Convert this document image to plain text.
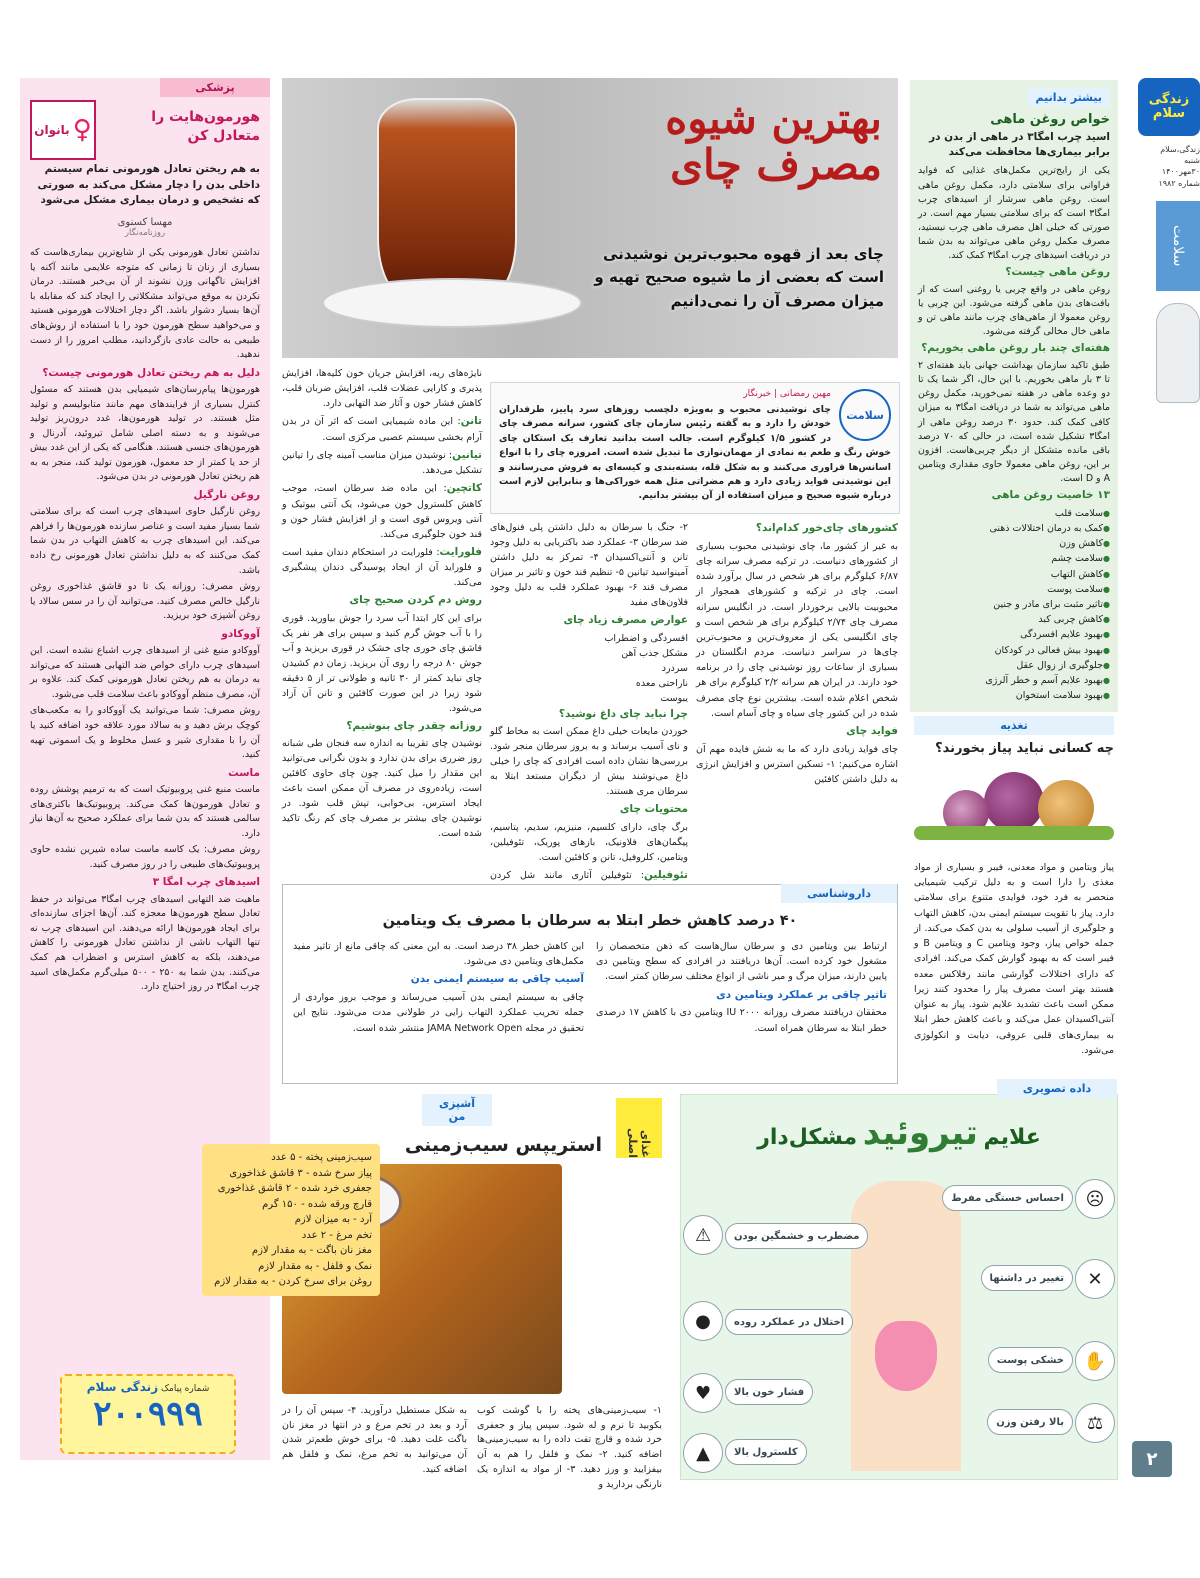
زندگی سلام
زندگی،سلام
شنبه
۳۰مهر۱۴۰۰
شماره ۱۹۸۲
سلامت
۲
بیشتر بدانیم
خواص روغن ماهی
اسید چرب امگا۳ در ماهی از بدن در برابر بیماری‌ها محافظت می‌کند

یکی از رایج‌ترین مکمل‌های غذایی که فواید فراوانی برای سلامتی دارد، مکمل روغن ماهی است. روغن ماهی سرشار از اسیدهای چرب امگا۳ است که برای سلامتی بسیار مهم است. در صورتی که خیلی اهل مصرف ماهی چرب نیستید، مصرف مکمل روغن ماهی می‌تواند به بدن شما در دریافت اسیدهای چرب امگا۳ کمک کند.

روغن ماهی چیست؟

روغن ماهی در واقع چربی یا روغنی است که از بافت‌های بدن ماهی گرفته می‌شود. این چربی یا روغن معمولا از ماهی‌های چرب مانند ماهی تن و ماهی خال مخالی گرفته می‌شود.

هفته‌ای چند بار روغن ماهی بخوریم؟

طبق تاکید سازمان بهداشت جهانی باید هفته‌ای ۲ تا ۳ بار ماهی بخوریم. با این حال، اگر شما یک تا دو وعده ماهی در هفته نمی‌خورید، مکمل روغن ماهی می‌تواند به شما در دریافت امگا۳ به میزان کافی کمک کند. حدود ۳۰ درصد روغن ماهی از امگا۳ تشکیل شده است، در حالی که ۷۰ درصد باقی مانده متشکل از دیگر چربی‌هاست. افزون بر این، روغن ماهی معمولا حاوی مقداری ویتامین A و D است.

۱۳ خاصیت روغن ماهی

● سلامت قلب
● کمک به درمان اختلالات ذهنی
● کاهش وزن
● سلامت چشم
● کاهش التهاب
● سلامت پوست
● تاثیر مثبت برای مادر و جنین
● کاهش چربی کبد
● بهبود علایم افسردگی
● بهبود بیش فعالی در کودکان
● جلوگیری از زوال عقل
● بهبود علایم آسم و خطر آلرژی
● بهبود سلامت استخوان
تغذیه
چه کسانی نباید پیاز بخورند؟
پیاز ویتامین و مواد معدنی، فیبر و بسیاری از مواد مغذی را دارا است و به دلیل ترکیب شیمیایی منحصر به فرد خود، فوایدی متنوع برای سلامتی دارد. پیاز با تقویت سیستم ایمنی بدن، کاهش التهاب و جلوگیری از آسیب سلولی به بدن کمک می‌کند. از جمله خواص پیاز، وجود ویتامین C و ویتامین B و فیبر است که به بهبود گوارش کمک می‌کند. افرادی که دارای اختلالات گوارشی مانند رفلاکس معده هستند بهتر است مصرف پیاز را محدود کنند زیرا ممکن است باعث تشدید علایم شود. پیاز به عنوان آنتی‌اکسیدان عمل می‌کند و باعث کاهش خطر ابتلا به بیماری‌های قلبی عروقی، دیابت و انکولوژی می‌شود.
بهترین شیوه
مصرف چای
چای بعد از قهوه محبوب‌ترین نوشیدنی است که بعضی از ما شیوه صحیح تهیه و میزان مصرف آن را نمی‌دانیم
سلامت
مهین رمضانی | خبرنگار
چای نوشیدنی محبوب و به‌ویژه دلچسب روزهای سرد پاییز، طرفداران خودش را دارد و به گفته رئیس سازمان چای کشور، سرانه مصرف چای در کشور ۱/۵ کیلوگرم است. جالب است بدانید تعارف یک استکان چای خوش رنگ و طعم به نمادی از مهمان‌نوازی ما تبدیل شده است. امروزه چای را با انواع اسانس‌ها فراوری می‌کنند و به شکل قله، بسته‌بندی و کیسه‌ای به فروش می‌رسانند و این نوشیدنی فواید زیادی دارد و هم مضراتی مثل همه خوراکی‌ها و بنابراین لازم است درباره شیوه صحیح و میزان استفاده از آن بیشتر بدانیم.

کشورهای چای‌خور کدام‌اند؟

به غیر از کشور ما، چای نوشیدنی محبوب بسیاری از کشورهای دنیاست. در ترکیه مصرف سرانه چای ۶/۸۷ کیلوگرم برای هر شخص در سال برآورد شده است. چای در ترکیه و کشورهای همجوار از محبوبیت بالایی برخوردار است. در انگلیس سرانه مصرف چای ۲/۷۴ کیلوگرم برای هر شخص است و چای انگلیسی یکی از معروف‌ترین و محبوب‌ترین چای‌ها در سراسر دنیاست. مردم انگلستان در بسیاری از ساعات روز نوشیدنی چای را در برنامه خود دارند. در ایران هم سرانه ۲/۲ کیلوگرم برای هر شخص اعلام شده است. بیشترین نوع چای مصرف شده در این کشور چای سیاه و چای آسام است.

فواید چای

چای فواید زیادی دارد که ما به شش فایده مهم آن اشاره می‌کنیم: ۱- تسکین استرس و افزایش انرژی به دلیل داشتن کافئین

۲- جنگ با سرطان به دلیل داشتن پلی فنول‌های ضد سرطان ۳- عملکرد ضد باکتریایی به دلیل وجود تانن و آنتی‌اکسیدان ۴- تمرکز به دلیل داشتن آمینواسید تیانین ۵- تنظیم قند خون و تاثیر بر میزان مصرف قند ۶- بهبود عملکرد قلب به دلیل وجود فلاون‌های مفید

عوارض مصرف زیاد چای

افسردگی و اضطراب
مشکل جذب آهن
سردرد
ناراحتی معده
یبوست

چرا نباید چای داغ نوشید؟

خوردن مایعات خیلی داغ ممکن است به مخاط گلو و نای آسیب برساند و به بروز سرطان منجر شود. بررسی‌ها نشان داده است افرادی که چای را خیلی داغ می‌نوشند بیش از دیگران مستعد ابتلا به سرطان مری هستند.

محتویات چای

برگ چای، دارای کلسیم، منیزیم، سدیم، پتاسیم، پیگمان‌های فلاونیک، بازهای پوریک، تئوفیلین، ویتامین، کلروفیل، تانن و کافئین است.

تئوفیلین: تئوفیلین آثاری مانند شل کردن

نایژه‌های ریه، افزایش جریان خون کلیه‌ها، افزایش پذیری و کارایی عضلات قلب، افزایش ضربان قلب، کاهش فشار خون و آثار ضد التهابی دارد.

تانن: این ماده شیمیایی است که اثر آن در بدن آرام بخشی سیستم عصبی مرکزی است.

تیانین: نوشیدن میزان مناسب آمینه چای را تیانین تشکیل می‌دهد.

کاتچین: این ماده ضد سرطان است، موجب کاهش کلسترول خون می‌شود، یک آنتی بیوتیک و آنتی ویروس قوی است و از افزایش فشار خون و قند خون جلوگیری می‌کند.

فلورایت: فلورایت در استحکام دندان مفید است و فلوراید آن از ایجاد پوسیدگی دندان پیشگیری می‌کند.

روش دم کردن صحیح چای

برای این کار ابتدا آب سرد را جوش بیاورید. قوری را با آب جوش گرم کنید و سپس برای هر نفر یک قاشق چای خوری چای خشک در قوری بریزید و آب جوش ۸۰ درجه را روی آن بریزید. زمان دم کشیدن چای نباید کمتر از ۳۰ ثانیه و طولانی تر از ۵ دقیقه شود زیرا در این صورت کافئین و تانن آن آزاد می‌شود.

روزانه چقدر چای بنوشیم؟

نوشیدن چای تقریبا به اندازه سه فنجان طی شبانه روز ضرری برای بدن ندارد و بدون نگرانی می‌توانید این مقدار را میل کنید. چون چای حاوی کافئین است، زیاده‌روی در مصرف آن ممکن است باعث ایجاد استرس، بی‌خوابی، تپش قلب شود. در نوشیدن چای بیشتر بر مصرف چای کم رنگ تاکید شده است.

پزشکی
♀
بانوان
هورمون‌هایت را متعادل کن
به هم ریختن تعادل هورمونی تمام سیستم داخلی بدن را دچار مشکل می‌کند به صورتی که تشخیص و درمان بیماری مشکل می‌شود
مهسا کسنوی
روزنامه‌نگار

نداشتن تعادل هورمونی یکی از شایع‌ترین بیماری‌هاست که بسیاری از زنان تا زمانی که متوجه علایمی مانند آکنه یا افزایش ناگهانی وزن نشوند از آن بی‌خبر هستند. درمان نکردن به موقع می‌تواند مشکلاتی را ایجاد کند که مقابله با آن‌ها بسیار دشوار باشد. اگر دچار اختلالات هورمونی هستید و می‌خواهید سطح هورمون خود را با استفاده از روش‌های طبیعی به حالت عادی بازگردانید، مطلب امروز را از دست ندهید.

دلیل به هم ریختن تعادل هورمونی چیست؟

هورمون‌ها پیام‌رسان‌های شیمیایی بدن هستند که مسئول کنترل بسیاری از فرایندهای مهم مانند متابولیسم و تولید مثل هستند. در تولید هورمون‌ها، غدد درون‌ریز تولید می‌شوند و به دسته اصلی شامل تیروئید، آدرنال و هورمون‌های جنسی هستند. هنگامی که یکی از این غدد بیش از حد یا کمتر از حد معمول، هورمون تولید کند، منجر به به هم ریختن تعادل هورمونی در بدن می‌شود.

روغن نارگیل

روغن نارگیل حاوی اسیدهای چرب است که برای سلامتی شما بسیار مفید است و عناصر سازنده هورمون‌ها را فراهم می‌کند. این اسیدهای چرب به کاهش التهاب در بدن شما کمک می‌کنند که به دلیل نداشتن تعادل هورمونی رخ داده باشد.

روش مصرف: روزانه یک تا دو قاشق غذاخوری روغن نارگیل خالص مصرف کنید. می‌توانید آن را در سس سالاد یا روغن آشپزی خود بریزید.

آووکادو

آووکادو منبع غنی از اسیدهای چرب اشباع نشده است. این اسیدهای چرب دارای خواص ضد التهابی هستند که می‌تواند به درمان به هم ریختن تعادل هورمونی کمک کند. علاوه بر آن، مصرف منظم آووکادو باعث سلامت قلب می‌شود.

روش مصرف: شما می‌توانید یک آووکادو را به مکعب‌های کوچک برش دهید و به سالاد مورد علاقه خود اضافه کنید یا آن را با مقداری شیر و عسل مخلوط و یک اسموتی تهیه کنید.

ماست

ماست منبع غنی پروبیوتیک است که به ترمیم پوشش روده و تعادل هورمون‌ها کمک می‌کند. پروبیوتیک‌ها باکتری‌های سالمی هستند که بدن شما برای عملکرد صحیح به آن‌ها نیاز دارد.

روش مصرف: یک کاسه ماست ساده شیرین نشده حاوی پروبیوتیک‌های طبیعی را در روز مصرف کنید.

اسیدهای چرب امگا ۳

ماهیت ضد التهابی اسیدهای چرب امگا۳ می‌تواند در حفظ تعادل سطح هورمون‌ها معجزه کند. آن‌ها اجزای سازنده‌ای برای ایجاد هورمون‌ها ارائه می‌دهند. این اسیدهای چرب نه تنها التهاب ناشی از نداشتن تعادل هورمونی را کاهش می‌دهند، بلکه به کاهش استرس و اضطراب هم کمک می‌کنند. بدن شما به ۲۵۰ - ۵۰۰ میلی‌گرم مکمل‌های اسید چرب امگا۳ در روز احتیاج دارد.

شماره پیامک زندگی سلام
۲۰۰۹۹۹
داروشناسی
۴۰ درصد کاهش خطر ابتلا به سرطان با مصرف یک ویتامین

ارتباط بین ویتامین دی و سرطان سال‌هاست که ذهن متخصصان را مشغول خود کرده است. آن‌ها دریافتند در افرادی که سطح ویتامین دی پایین دارند، میزان مرگ و میر ناشی از انواع مختلف سرطان کمتر است.

تاثیر چاقی بر عملکرد ویتامین دی

محققان دریافتند مصرف روزانه ۲۰۰۰ IU ویتامین دی با کاهش ۱۷ درصدی خطر ابتلا به سرطان همراه است.

این کاهش خطر ۳۸ درصد است. به این معنی که چاقی مانع از تاثیر مفید مکمل‌های ویتامین دی می‌شود.

آسیب چاقی به سیستم ایمنی بدن

چاقی به سیستم ایمنی بدن آسیب می‌رساند و موجب بروز مواردی از جمله تخریب عملکرد التهاب زایی در طولانی مدت می‌شود. نتایج این تحقیق در مجله JAMA Network Open منتشر شده است.

آشپزی من
غذای اصلی
استریپس سیب‌زمینی
سیب‌زمینی پخته - ۵ عدد
پیاز سرخ شده - ۳ قاشق غذاخوری
جعفری خرد شده - ۲ قاشق غذاخوری
قارچ ورقه شده - ۱۵۰ گرم
آرد - به میزان لازم
تخم مرغ - ۲ عدد
مغز نان باگت - به مقدار لازم
نمک و فلفل - به مقدار لازم
روغن برای سرخ کردن - به مقدار لازم
۱- سیب‌زمینی‌های پخته را با گوشت کوب بکوبید تا نرم و له شود. سپس پیاز و جعفری خرد شده و قارچ تفت داده را به سیب‌زمینی‌ها اضافه کنید. ۲- نمک و فلفل را هم به آن بیفزایید و ورز دهید. ۳- از مواد به اندازه یک نارنگی بردارید و
به شکل مستطیل درآورید. ۴- سپس آن را در آرد و بعد در تخم مرغ و در انتها در مغز نان باگت غلت دهید. ۵- برای خوش طعم‌تر شدن آن می‌توانید به تخم مرغ، نمک و فلفل هم اضافه کنید.
داده تصویری
علایم تیروئید مشکل‌دار
احساس خستگی مفرط
مضطرب و خشمگین بودن
تغییر در داشتها
اختلال در عملکرد روده
خشکی پوست
فشار خون بالا
بالا رفتن وزن
کلسترول بالا
☹
⚠
✕
●
✋
♥
⚖
▲
